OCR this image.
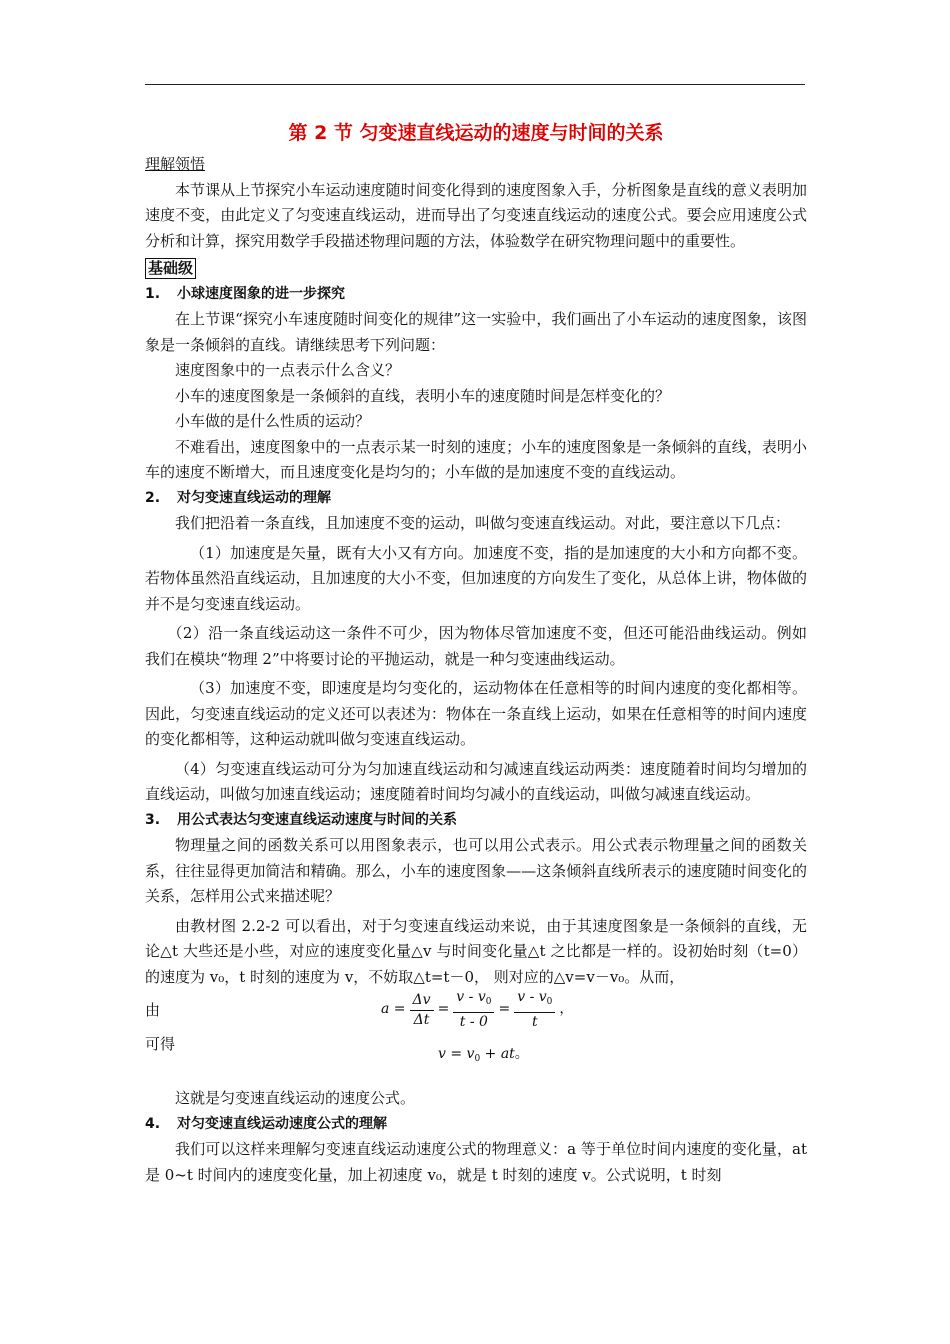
第 2 节 匀变速直线运动的速度与时间的关系

理解领悟

本节课从上节探究小车运动速度随时间变化得到的速度图象入手，分析图象是直线的意义表明加速度不变，由此定义了匀变速直线运动，进而导出了匀变速直线运动的速度公式。要会应用速度公式分析和计算，探究用数学手段描述物理问题的方法，体验数学在研究物理问题中的重要性。

基础级

1. 小球速度图象的进一步探究

在上节课“探究小车速度随时间变化的规律”这一实验中，我们画出了小车运动的速度图象，该图象是一条倾斜的直线。请继续思考下列问题：

速度图象中的一点表示什么含义？

小车的速度图象是一条倾斜的直线，表明小车的速度随时间是怎样变化的？

小车做的是什么性质的运动？

不难看出，速度图象中的一点表示某一时刻的速度；小车的速度图象是一条倾斜的直线，表明小车的速度不断增大，而且速度变化是均匀的；小车做的是加速度不变的直线运动。

2. 对匀变速直线运动的理解

我们把沿着一条直线，且加速度不变的运动，叫做匀变速直线运动。对此，要注意以下几点：

（1）加速度是矢量，既有大小又有方向。加速度不变，指的是加速度的大小和方向都不变。若物体虽然沿直线运动，且加速度的大小不变，但加速度的方向发生了变化，从总体上讲，物体做的并不是匀变速直线运动。

（2）沿一条直线运动这一条件不可少，因为物体尽管加速度不变，但还可能沿曲线运动。例如我们在模块“物理 2”中将要讨论的平抛运动，就是一种匀变速曲线运动。

（3）加速度不变，即速度是均匀变化的，运动物体在任意相等的时间内速度的变化都相等。因此，匀变速直线运动的定义还可以表述为：物体在一条直线上运动，如果在任意相等的时间内速度的变化都相等，这种运动就叫做匀变速直线运动。

（4）匀变速直线运动可分为匀加速直线运动和匀减速直线运动两类：速度随着时间均匀增加的直线运动，叫做匀加速直线运动；速度随着时间均匀减小的直线运动，叫做匀减速直线运动。

3. 用公式表达匀变速直线运动速度与时间的关系

物理量之间的函数关系可以用图象表示，也可以用公式表示。用公式表示物理量之间的函数关系，往往显得更加简洁和精确。那么，小车的速度图象——这条倾斜直线所表示的速度随时间变化的关系，怎样用公式来描述呢？

由教材图 2.2-2 可以看出，对于匀变速直线运动来说，由于其速度图象是一条倾斜的直线，无论△t 大些还是小些，对应的速度变化量△v 与时间变化量△t 之比都是一样的。设初始时刻（t=0）的速度为 v₀，t 时刻的速度为 v，不妨取△t=t－0， 则对应的△v=v－v₀。从而，

由	$a = \frac{\Delta v}{\Delta t} = \frac{v - v_0}{t - 0} = \frac{v - v_0}{t}$ ，
可得
$v = v_0$ + at。

这就是匀变速直线运动的速度公式。

4. 对匀变速直线运动速度公式的理解

我们可以这样来理解匀变速直线运动速度公式的物理意义：a 等于单位时间内速度的变化量，at 是 0~t 时间内的速度变化量，加上初速度 v₀，就是 t 时刻的速度 v。公式说明，t 时刻
